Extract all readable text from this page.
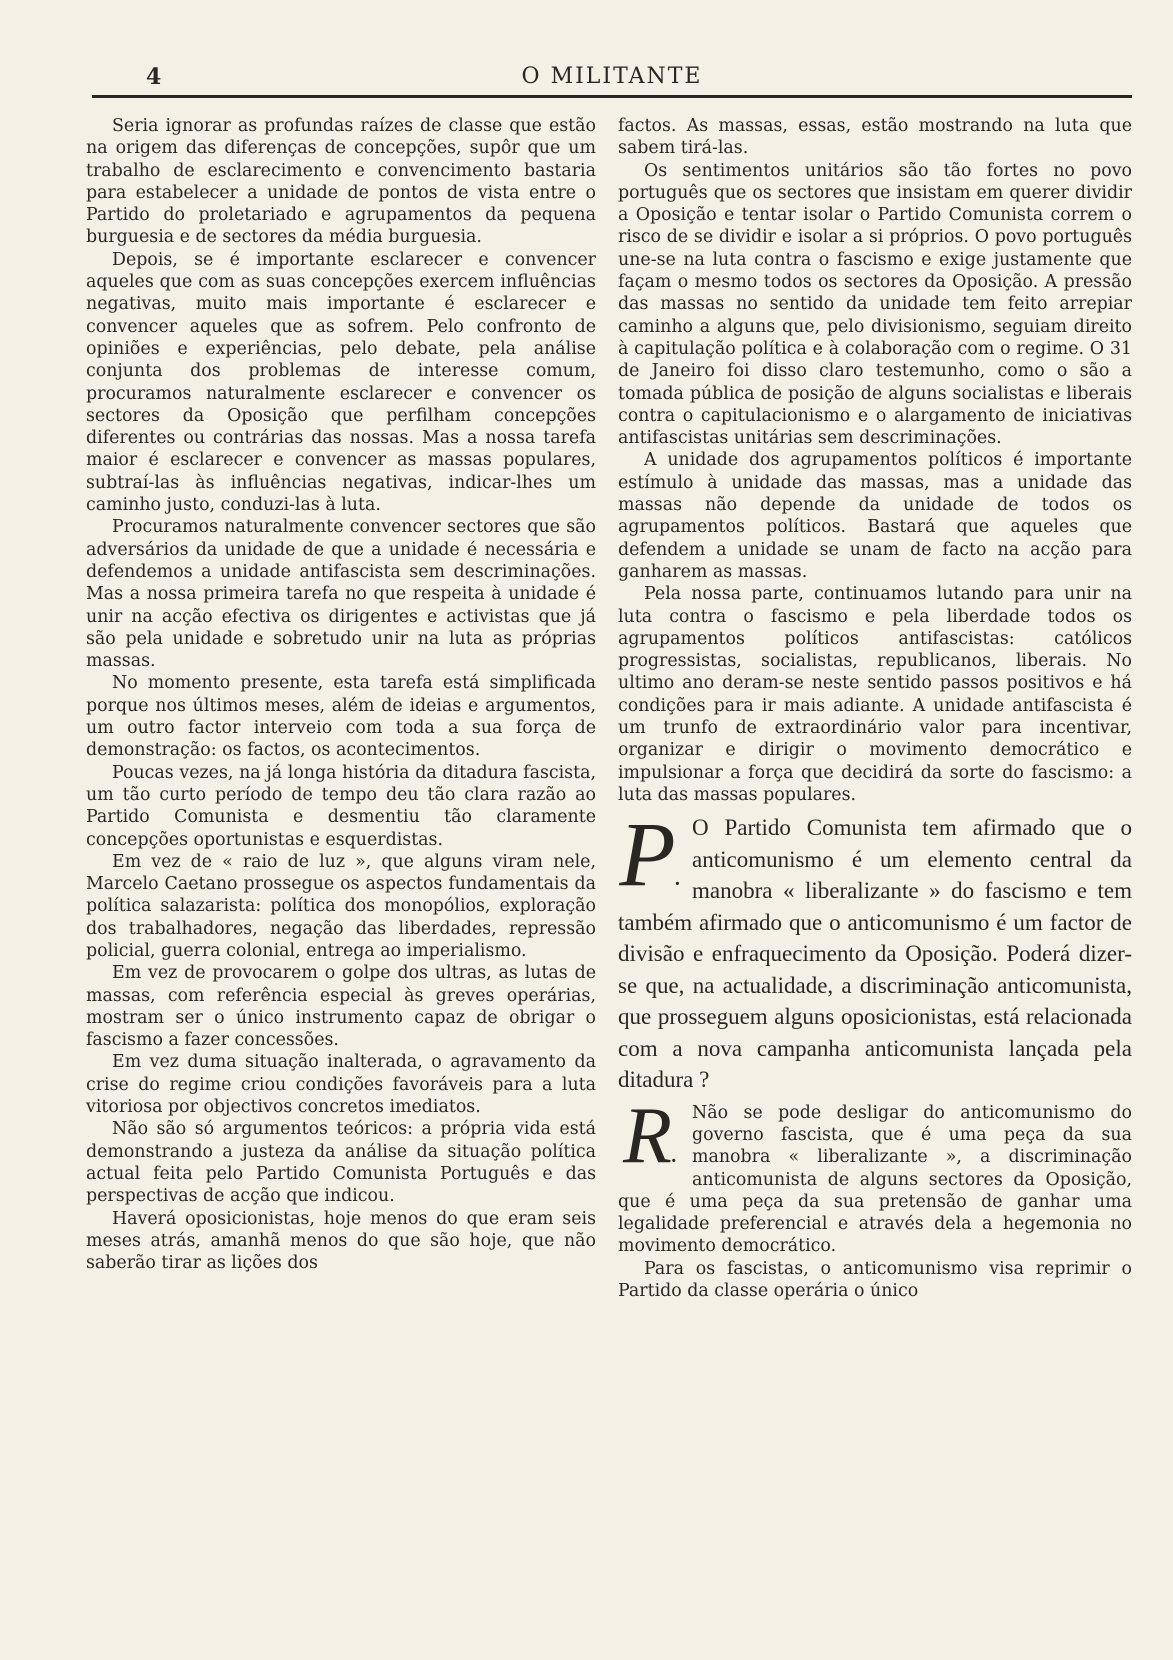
4	O MILITANTE

Seria ignorar as profundas raízes de classe que estão na origem das diferenças de concepções, supôr que um trabalho de esclarecimento e convencimento bastaria para estabelecer a unidade de pontos de vista entre o Partido do proletariado e agrupamentos da pequena burguesia e de sectores da média burguesia.

Depois, se é importante esclarecer e convencer aqueles que com as suas concepções exercem influências negativas, muito mais importante é esclarecer e convencer aqueles que as sofrem. Pelo confronto de opiniões e experiências, pelo debate, pela análise conjunta dos problemas de interesse comum, procuramos naturalmente esclarecer e convencer os sectores da Oposição que perfilham concepções diferentes ou contrárias das nossas. Mas a nossa tarefa maior é esclarecer e convencer as massas populares, subtraí-las às influências negativas, indicar-lhes um caminho justo, conduzi-las à luta.

Procuramos naturalmente convencer sectores que são adversários da unidade de que a unidade é necessária e defendemos a unidade antifascista sem descriminações. Mas a nossa primeira tarefa no que respeita à unidade é unir na acção efectiva os dirigentes e activistas que já são pela unidade e sobretudo unir na luta as próprias massas.

No momento presente, esta tarefa está simplificada porque nos últimos meses, além de ideias e argumentos, um outro factor interveio com toda a sua força de demonstração: os factos, os acontecimentos.

Poucas vezes, na já longa história da ditadura fascista, um tão curto período de tempo deu tão clara razão ao Partido Comunista e desmentiu tão claramente concepções oportunistas e esquerdistas.

Em vez de « raio de luz », que alguns viram nele, Marcelo Caetano prossegue os aspectos fundamentais da política salazarista: política dos monopólios, exploração dos trabalhadores, negação das liberdades, repressão policial, guerra colonial, entrega ao imperialismo.

Em vez de provocarem o golpe dos ultras, as lutas de massas, com referência especial às greves operárias, mostram ser o único instrumento capaz de obrigar o fascismo a fazer concessões.

Em vez duma situação inalterada, o agravamento da crise do regime criou condições favoráveis para a luta vitoriosa por objectivos concretos imediatos.

Não são só argumentos teóricos: a própria vida está demonstrando a justeza da análise da situação política actual feita pelo Partido Comunista Português e das perspectivas de acção que indicou.

Haverá oposicionistas, hoje menos do que eram seis meses atrás, amanhã menos do que são hoje, que não saberão tirar as lições dos

factos. As massas, essas, estão mostrando na luta que sabem tirá-las.

Os sentimentos unitários são tão fortes no povo português que os sectores que insistam em querer dividir a Oposição e tentar isolar o Partido Comunista correm o risco de se dividir e isolar a si próprios. O povo português une-se na luta contra o fascismo e exige justamente que façam o mesmo todos os sectores da Oposição. A pressão das massas no sentido da unidade tem feito arrepiar caminho a alguns que, pelo divisionismo, seguiam direito à capitulação política e à colaboração com o regime. O 31 de Janeiro foi disso claro testemunho, como o são a tomada pública de posição de alguns socialistas e liberais contra o capitulacionismo e o alargamento de iniciativas antifascistas unitárias sem descriminações.

A unidade dos agrupamentos políticos é importante estímulo à unidade das massas, mas a unidade das massas não depende da unidade de todos os agrupamentos políticos. Bastará que aqueles que defendem a unidade se unam de facto na acção para ganharem as massas.

Pela nossa parte, continuamos lutando para unir na luta contra o fascismo e pela liberdade todos os agrupamentos políticos antifascistas: católicos progressistas, socialistas, republicanos, liberais. No ultimo ano deram-se neste sentido passos positivos e há condições para ir mais adiante. A unidade antifascista é um trunfo de extraordinário valor para incentivar, organizar e dirigir o movimento democrático e impulsionar a força que decidirá da sorte do fascismo: a luta das massas populares.

P.
O Partido Comunista tem afirmado que o anticomunismo é um elemento central da manobra « liberalizante » do fascismo e tem também afirmado que o anticomunismo é um factor de divisão e enfraquecimento da Oposição. Poderá dizer-se que, na actualidade, a discriminação anticomunista, que prosseguem alguns oposicionistas, está relacionada com a nova campanha anticomunista lançada pela ditadura ?
R.
Não se pode desligar do anticomunismo do governo fascista, que é uma peça da sua manobra « liberalizante », a discriminação anticomunista de alguns sectores da Oposição, que é uma peça da sua pretensão de ganhar uma legalidade preferencial e através dela a hegemonia no movimento democrático.

Para os fascistas, o anticomunismo visa reprimir o Partido da classe operária o único
